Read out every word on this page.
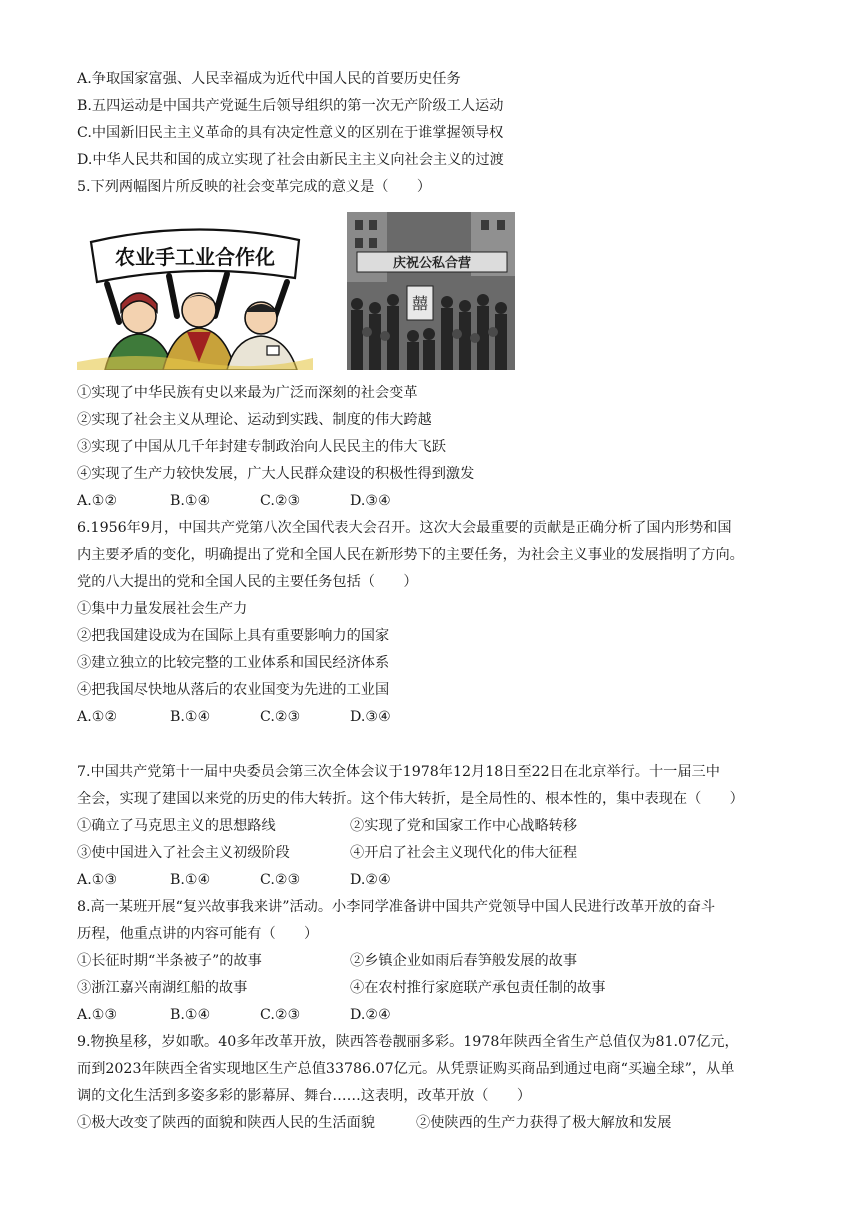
A.争取国家富强、人民幸福成为近代中国人民的首要历史任务
B.五四运动是中国共产党诞生后领导组织的第一次无产阶级工人运动
C.中国新旧民主主义革命的具有决定性意义的区别在于谁掌握领导权
D.中华人民共和国的成立实现了社会由新民主主义向社会主义的过渡
5.下列两幅图片所反映的社会变革完成的意义是（　　）
农业手工业合作化	庆祝公私合营
囍
①实现了中华民族有史以来最为广泛而深刻的社会变革
②实现了社会主义从理论、运动到实践、制度的伟大跨越
③实现了中国从几千年封建专制政治向人民民主的伟大飞跃
④实现了生产力较快发展，广大人民群众建设的积极性得到激发
A.①②	B.①④	C.②③	D.③④
6.1956年9月，中国共产党第八次全国代表大会召开。这次大会最重要的贡献是正确分析了国内形势和国
内主要矛盾的变化，明确提出了党和全国人民在新形势下的主要任务，为社会主义事业的发展指明了方向。
党的八大提出的党和全国人民的主要任务包括（　　）
①集中力量发展社会生产力
②把我国建设成为在国际上具有重要影响力的国家
③建立独立的比较完整的工业体系和国民经济体系
④把我国尽快地从落后的农业国变为先进的工业国
A.①②	B.①④	C.②③	D.③④
7.中国共产党第十一届中央委员会第三次全体会议于1978年12月18日至22日在北京举行。十一届三中
全会，实现了建国以来党的历史的伟大转折。这个伟大转折，是全局性的、根本性的，集中表现在（　　）
①确立了马克思主义的思想路线	②实现了党和国家工作中心战略转移
③使中国进入了社会主义初级阶段	④开启了社会主义现代化的伟大征程
A.①③	B.①④	C.②③	D.②④
8.高一某班开展“复兴故事我来讲”活动。小李同学准备讲中国共产党领导中国人民进行改革开放的奋斗
历程，他重点讲的内容可能有（　　）
①长征时期“半条被子”的故事	②乡镇企业如雨后春笋般发展的故事
③浙江嘉兴南湖红船的故事	④在农村推行家庭联产承包责任制的故事
A.①③	B.①④	C.②③	D.②④
9.物换星移，岁如歌。40多年改革开放，陕西答卷靓丽多彩。1978年陕西全省生产总值仅为81.07亿元，
而到2023年陕西全省实现地区生产总值33786.07亿元。从凭票证购买商品到通过电商“买遍全球”，从单
调的文化生活到多姿多彩的影幕屏、舞台……这表明，改革开放（　　）
①极大改变了陕西的面貌和陕西人民的生活面貌	②使陕西的生产力获得了极大解放和发展
